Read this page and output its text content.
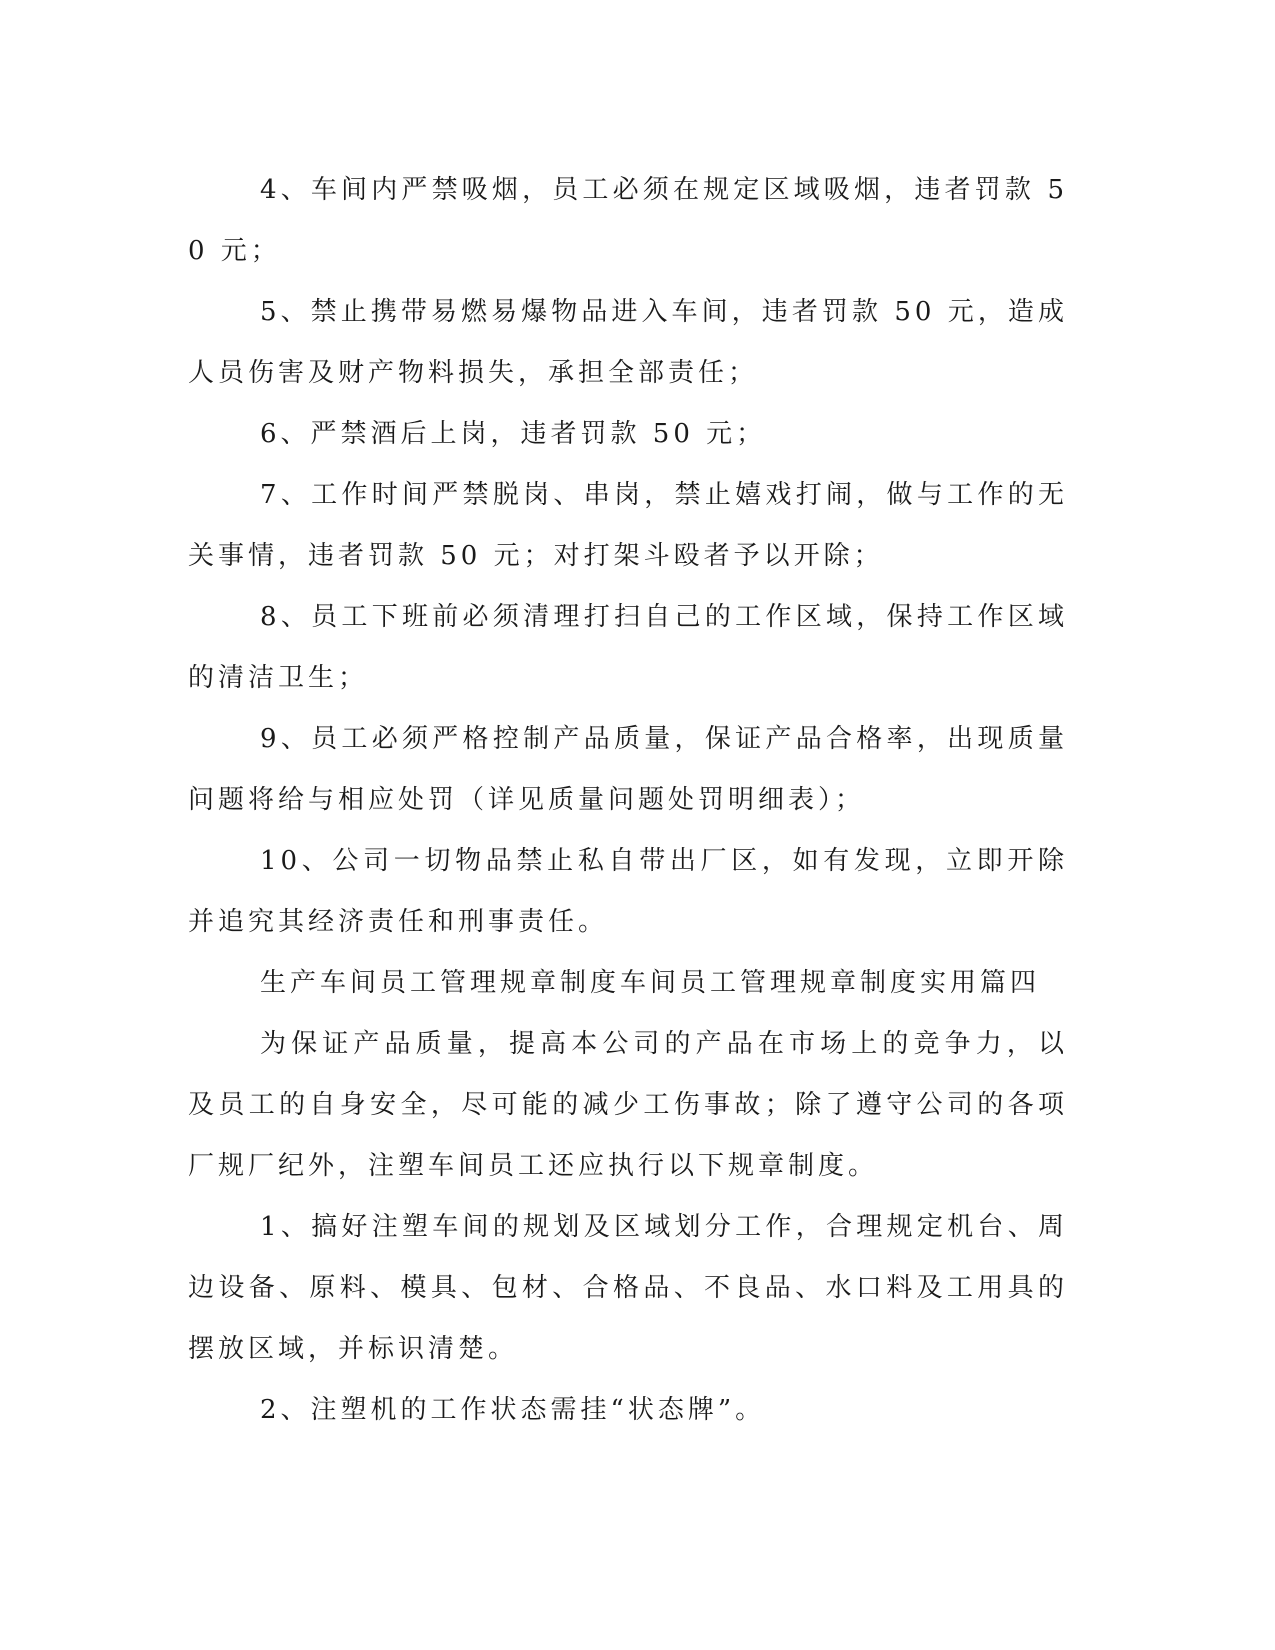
4、车间内严禁吸烟，员工必须在规定区域吸烟，违者罚款 50 元；

5、禁止携带易燃易爆物品进入车间，违者罚款 50 元，造成人员伤害及财产物料损失，承担全部责任；

6、严禁酒后上岗，违者罚款 50 元；

7、工作时间严禁脱岗、串岗，禁止嬉戏打闹，做与工作的无关事情，违者罚款 50 元；对打架斗殴者予以开除；

8、员工下班前必须清理打扫自己的工作区域，保持工作区域的清洁卫生；

9、员工必须严格控制产品质量，保证产品合格率，出现质量问题将给与相应处罚（详见质量问题处罚明细表）；

10、公司一切物品禁止私自带出厂区，如有发现，立即开除并追究其经济责任和刑事责任。

生产车间员工管理规章制度车间员工管理规章制度实用篇四

为保证产品质量，提高本公司的产品在市场上的竞争力，以及员工的自身安全，尽可能的减少工伤事故；除了遵守公司的各项厂规厂纪外，注塑车间员工还应执行以下规章制度。

1、搞好注塑车间的规划及区域划分工作，合理规定机台、周边设备、原料、模具、包材、合格品、不良品、水口料及工用具的摆放区域，并标识清楚。

2、注塑机的工作状态需挂“状态牌”。
